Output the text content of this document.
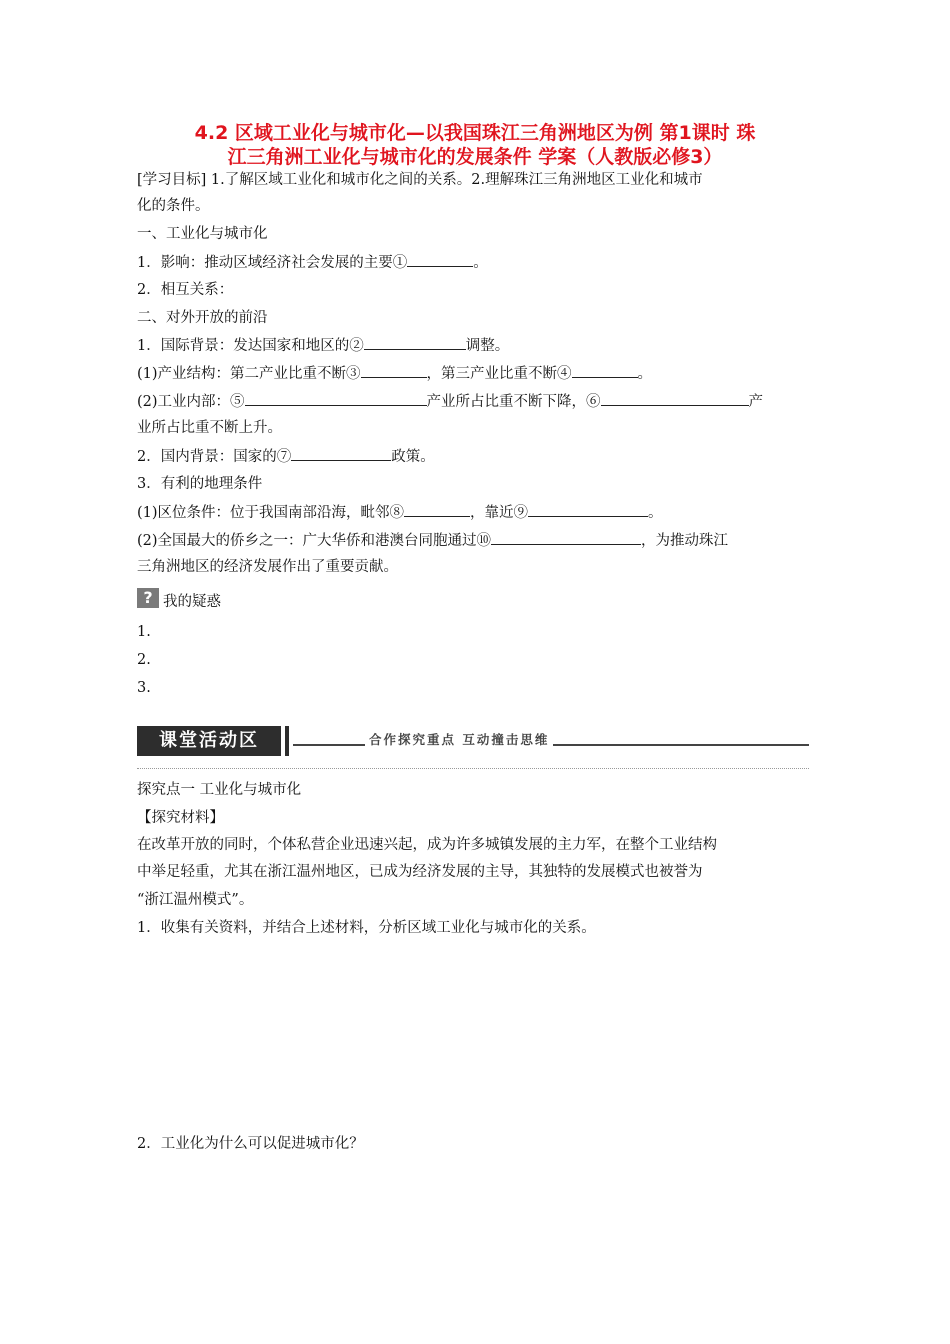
4.2 区域工业化与城市化—以我国珠江三角洲地区为例 第1课时 珠
江三角洲工业化与城市化的发展条件 学案（人教版必修3）
[学习目标] 1.了解区域工业化和城市化之间的关系。2.理解珠江三角洲地区工业化和城市
化的条件。
一、工业化与城市化
1．影响：推动区域经济社会发展的主要①	。
2．相互关系：
二、对外开放的前沿
1．国际背景：发达国家和地区的②	调整。
(1)产业结构：第二产业比重不断③	，第三产业比重不断④	。
(2)工业内部：⑤	产业所占比重不断下降，⑥	产
业所占比重不断上升。
2．国内背景：国家的⑦	政策。
3．有利的地理条件
(1)区位条件：位于我国南部沿海，毗邻⑧	，靠近⑨	。
(2)全国最大的侨乡之一：广大华侨和港澳台同胞通过⑩	，为推动珠江
三角洲地区的经济发展作出了重要贡献。
? 我的疑惑
1.
2.
3.
课堂活动区	合作探究重点 互动撞击思维
探究点一 工业化与城市化
【探究材料】
在改革开放的同时，个体私营企业迅速兴起，成为许多城镇发展的主力军，在整个工业结构
中举足轻重，尤其在浙江温州地区，已成为经济发展的主导，其独特的发展模式也被誉为
“浙江温州模式”。
1．收集有关资料，并结合上述材料，分析区域工业化与城市化的关系。
2．工业化为什么可以促进城市化？
